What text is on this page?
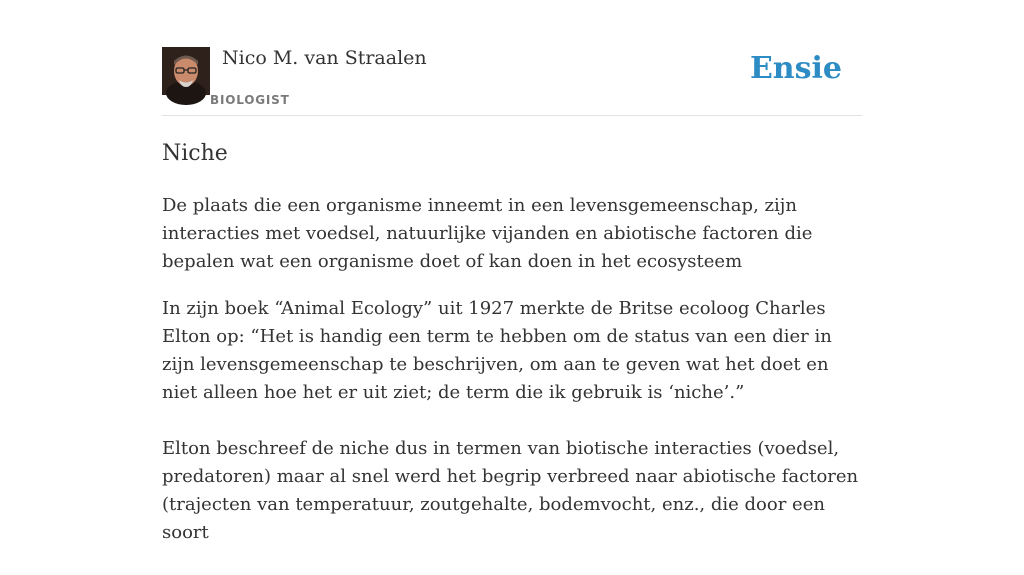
Nico M. van Straalen
BIOLOGIST
Ensie
Niche

De plaats die een organisme inneemt in een levensgemeenschap, zijn interacties met voedsel, natuurlijke vijanden en abiotische factoren die bepalen wat een organisme doet of kan doen in het ecosysteem

In zijn boek “Animal Ecology” uit 1927 merkte de Britse ecoloog Charles Elton op: “Het is handig een term te hebben om de status van een dier in zijn levensgemeenschap te beschrijven, om aan te geven wat het doet en niet alleen hoe het er uit ziet; de term die ik gebruik is ‘niche’.”

Elton beschreef de niche dus in termen van biotische interacties (voedsel, predatoren) maar al snel werd het begrip verbreed naar abiotische factoren (trajecten van temperatuur, zoutgehalte, bodemvocht, enz., die door een soort
